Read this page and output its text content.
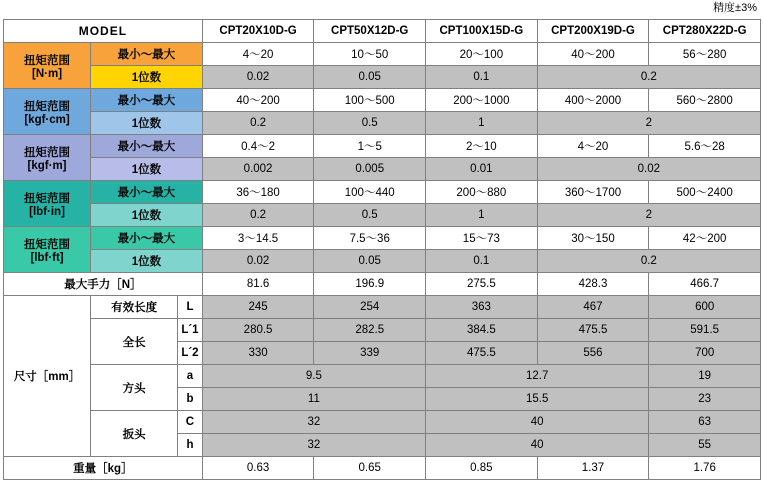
精度±3%
MODEL			CPT20X10D-G	CPT50X12D-G	CPT100X15D-G	CPT200X19D-G	CPT280X22D-G

扭矩范围
[N·m]	最小～最大		4～20	10～50	20～100	40～200	56～280
	1位数		0.02	0.05	0.1	0.2	

扭矩范围
[kgf·cm]	最小～最大		40～200	100～500	200～1000	400～2000	560～2800
	1位数		0.2	0.5	1	2	

扭矩范围
[kgf·m]	最小～最大		0.4～2	1～5	2～10	4～20	5.6～28
	1位数		0.002	0.005	0.01	0.02	

扭矩范围
[lbf·in]	最小～最大		36～180	100～440	200～880	360～1700	500～2400
	1位数		0.2	0.5	1	2	

扭矩范围
[lbf·ft]	最小～最大		3～14.5	7.5～36	15～73	30～150	42～200
	1位数		0.02	0.05	0.1	0.2	
最大手力［N］			81.6	196.9	275.5	428.3	466.7
尺寸［mm］	有效长度	L	245	254	363	467	600
	全长	L´1	280.5	282.5	384.5	475.5	591.5
		L´2	330	339	475.5	556	700
	方头	a	9.5		12.7		19
		b	11		15.5		23
	扳头	C	32		40		63
		h	32		40		55
重量［kg］			0.63	0.65	0.85	1.37	1.76
